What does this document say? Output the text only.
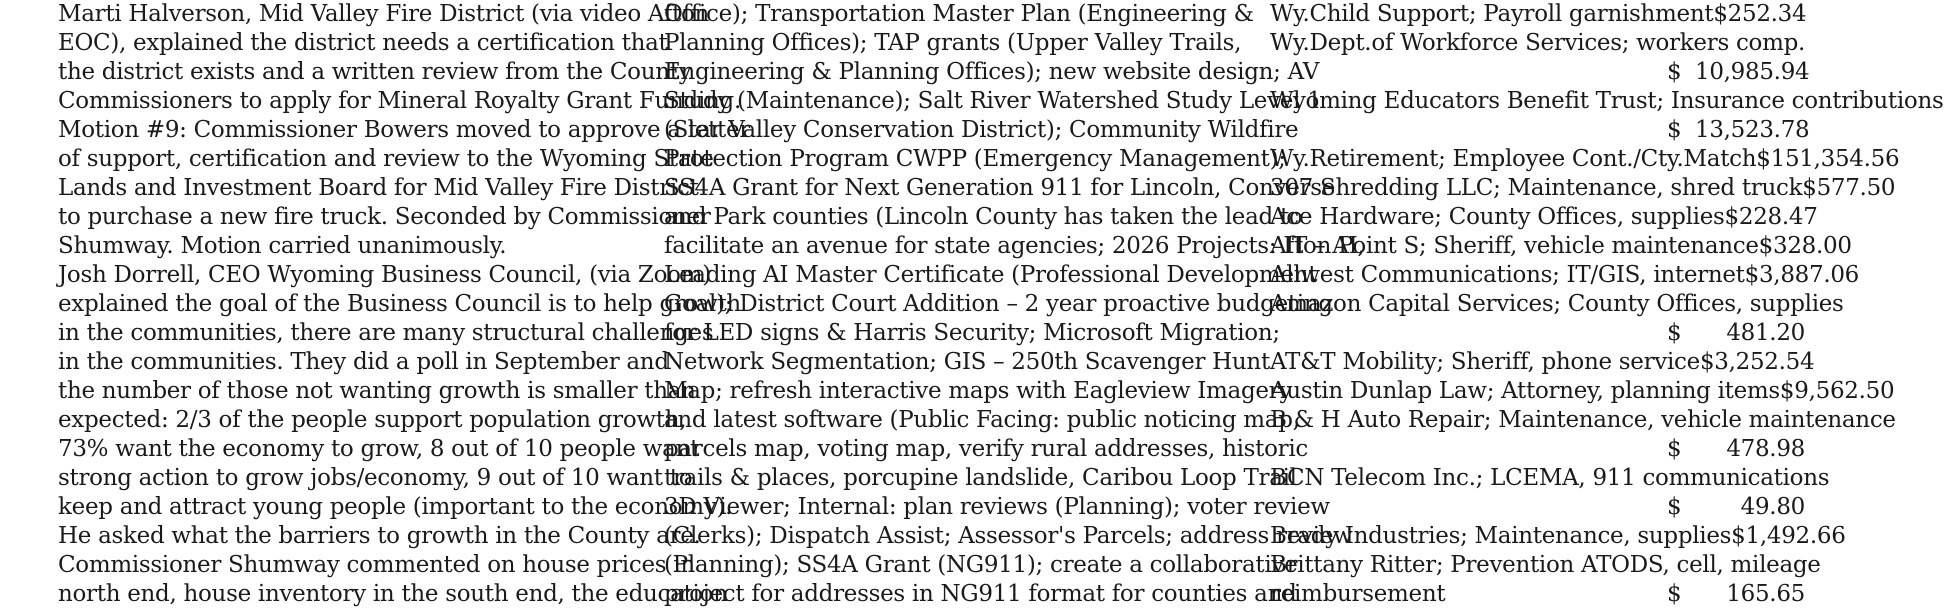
Marti Halverson, Mid Valley Fire District (via video Afton
EOC), explained the district needs a certification that
the district exists and a written review from the County
Commissioners to apply for Mineral Royalty Grant Funding.
Motion #9: Commissioner Bowers moved to approve a letter
of support, certification and review to the Wyoming State
Lands and Investment Board for Mid Valley Fire District
to purchase a new fire truck. Seconded by Commissioner
Shumway. Motion carried unanimously.
Josh Dorrell, CEO Wyoming Business Council, (via Zoom)
explained the goal of the Business Council is to help growth
in the communities, there are many structural challenges
in the communities. They did a poll in September and
the number of those not wanting growth is smaller than
expected: 2/3 of the people support population growth,
73% want the economy to grow, 8 out of 10 people want
strong action to grow jobs/economy, 9 out of 10 want to
keep and attract young people (important to the economy).
He asked what the barriers to growth in the County are.
Commissioner Shumway commented on house prices in
north end, house inventory in the south end, the education
Office); Transportation Master Plan (Engineering &
Planning Offices); TAP grants (Upper Valley Trails,
Engineering & Planning Offices); new website design; AV
Study (Maintenance); Salt River Watershed Study Level 1
(Star Valley Conservation District); Community Wildfire
Protection Program CWPP (Emergency Management);
SS4A Grant for Next Generation 911 for Lincoln, Converse
and Park counties (Lincoln County has taken the lead to
facilitate an avenue for state agencies; 2026 Projects: IT – AI,
Leading AI Master Certificate (Professional Development
Goal); District Court Addition – 2 year proactive budgeting
for LED signs & Harris Security; Microsoft Migration;
Network Segmentation; GIS – 250th Scavenger Hunt
Map; refresh interactive maps with Eagleview Imagery
and latest software (Public Facing: public noticing map,
parcels map, voting map, verify rural addresses, historic
trails & places, porcupine landslide, Caribou Loop Trail
3D Viewer; Internal: plan reviews (Planning); voter review
(Clerks); Dispatch Assist; Assessor's Parcels; address review
(Planning); SS4A Grant (NG911); create a collaborative
project for addresses in NG911 format for counties and
Wy.Child Support; Payroll garnishment $ 252.34
Wy.Dept.of Workforce Services; workers comp.
$ 10,985.94
Wyoming Educators Benefit Trust; Insurance contributions
$ 13,523.78
Wy.Retirement; Employee Cont./Cty.Match $ 151,354.56
307 Shredding LLC; Maintenance, shred truck $ 577.50
Ace Hardware; County Offices, supplies $ 228.47
Afton Point S; Sheriff, vehicle maintenance $ 328.00
Allwest Communications; IT/GIS, internet $ 3,887.06
Amazon Capital Services; County Offices, supplies
$	481.20
AT&T Mobility; Sheriff, phone service $ 3,252.54
Austin Dunlap Law; Attorney, planning items $ 9,562.50
B & H Auto Repair; Maintenance, vehicle maintenance
$	478.98
BCN Telecom Inc.; LCEMA, 911 communications
$	49.80
Brady Industries; Maintenance, supplies $ 1,492.66
Brittany Ritter; Prevention ATODS, cell, mileage
reimbursement	$	165.65
